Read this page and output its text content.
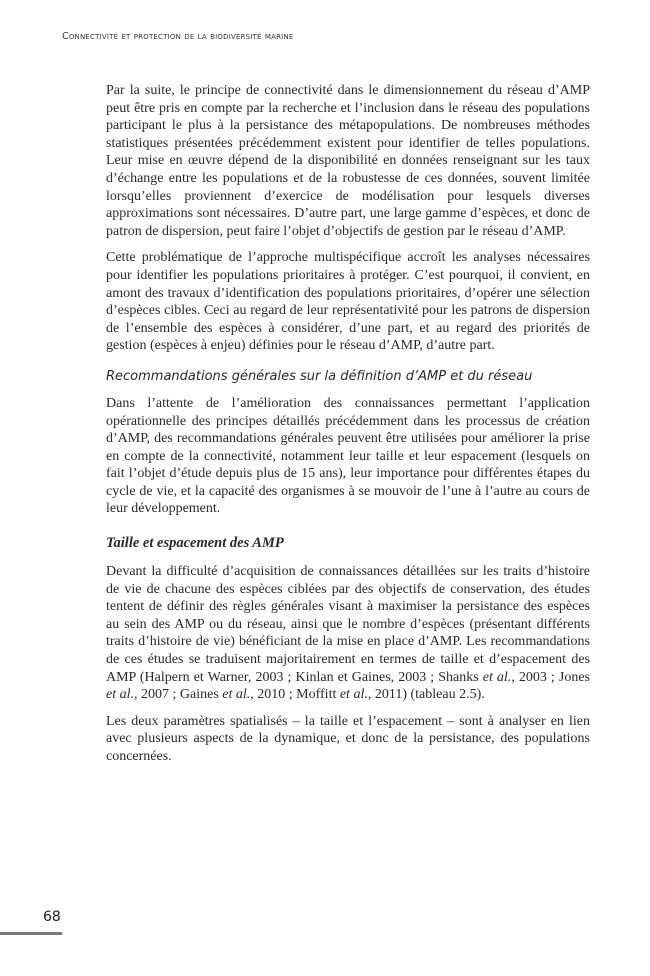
Connectivité et protection de la biodiversité marine

Par la suite, le principe de connectivité dans le dimensionnement du réseau d’AMP peut être pris en compte par la recherche et l’inclusion dans le réseau des populations participant le plus à la persistance des métapopulations. De nombreuses méthodes statistiques présentées précédemment existent pour identifier de telles populations. Leur mise en œuvre dépend de la disponibilité en données renseignant sur les taux d’échange entre les populations et de la robustesse de ces données, souvent limitée lorsqu’elles proviennent d’exercice de modélisation pour lesquels diverses approximations sont nécessaires. D’autre part, une large gamme d’espèces, et donc de patron de dispersion, peut faire l’objet d’objectifs de gestion par le réseau d’AMP.

Cette problématique de l’approche multispécifique accroît les analyses nécessaires pour identifier les populations prioritaires à protéger. C’est pourquoi, il convient, en amont des travaux d’identification des populations prioritaires, d’opérer une sélection d’espèces cibles. Ceci au regard de leur représentativité pour les patrons de dispersion de l’ensemble des espèces à considérer, d’une part, et au regard des priorités de gestion (espèces à enjeu) définies pour le réseau d’AMP, d’autre part.

Recommandations générales sur la définition d’AMP et du réseau

Dans l’attente de l’amélioration des connaissances permettant l’application opérationnelle des principes détaillés précédemment dans les processus de création d’AMP, des recommandations générales peuvent être utilisées pour améliorer la prise en compte de la connectivité, notamment leur taille et leur espacement (lesquels on fait l’objet d’étude depuis plus de 15 ans), leur importance pour différentes étapes du cycle de vie, et la capacité des organismes à se mouvoir de l’une à l’autre au cours de leur développement.

Taille et espacement des AMP

Devant la difficulté d’acquisition de connaissances détaillées sur les traits d’histoire de vie de chacune des espèces ciblées par des objectifs de conservation, des études tentent de définir des règles générales visant à maximiser la persistance des espèces au sein des AMP ou du réseau, ainsi que le nombre d’espèces (présentant différents traits d’histoire de vie) bénéficiant de la mise en place d’AMP. Les recommandations de ces études se traduisent majoritairement en termes de taille et d’espacement des AMP (Halpern et Warner, 2003 ; Kinlan et Gaines, 2003 ; Shanks et al., 2003 ; Jones et al., 2007 ; Gaines et al., 2010 ; Moffitt et al., 2011) (tableau 2.5).

Les deux paramètres spatialisés – la taille et l’espacement – sont à analyser en lien avec plusieurs aspects de la dynamique, et donc de la persistance, des populations concernées.

68
